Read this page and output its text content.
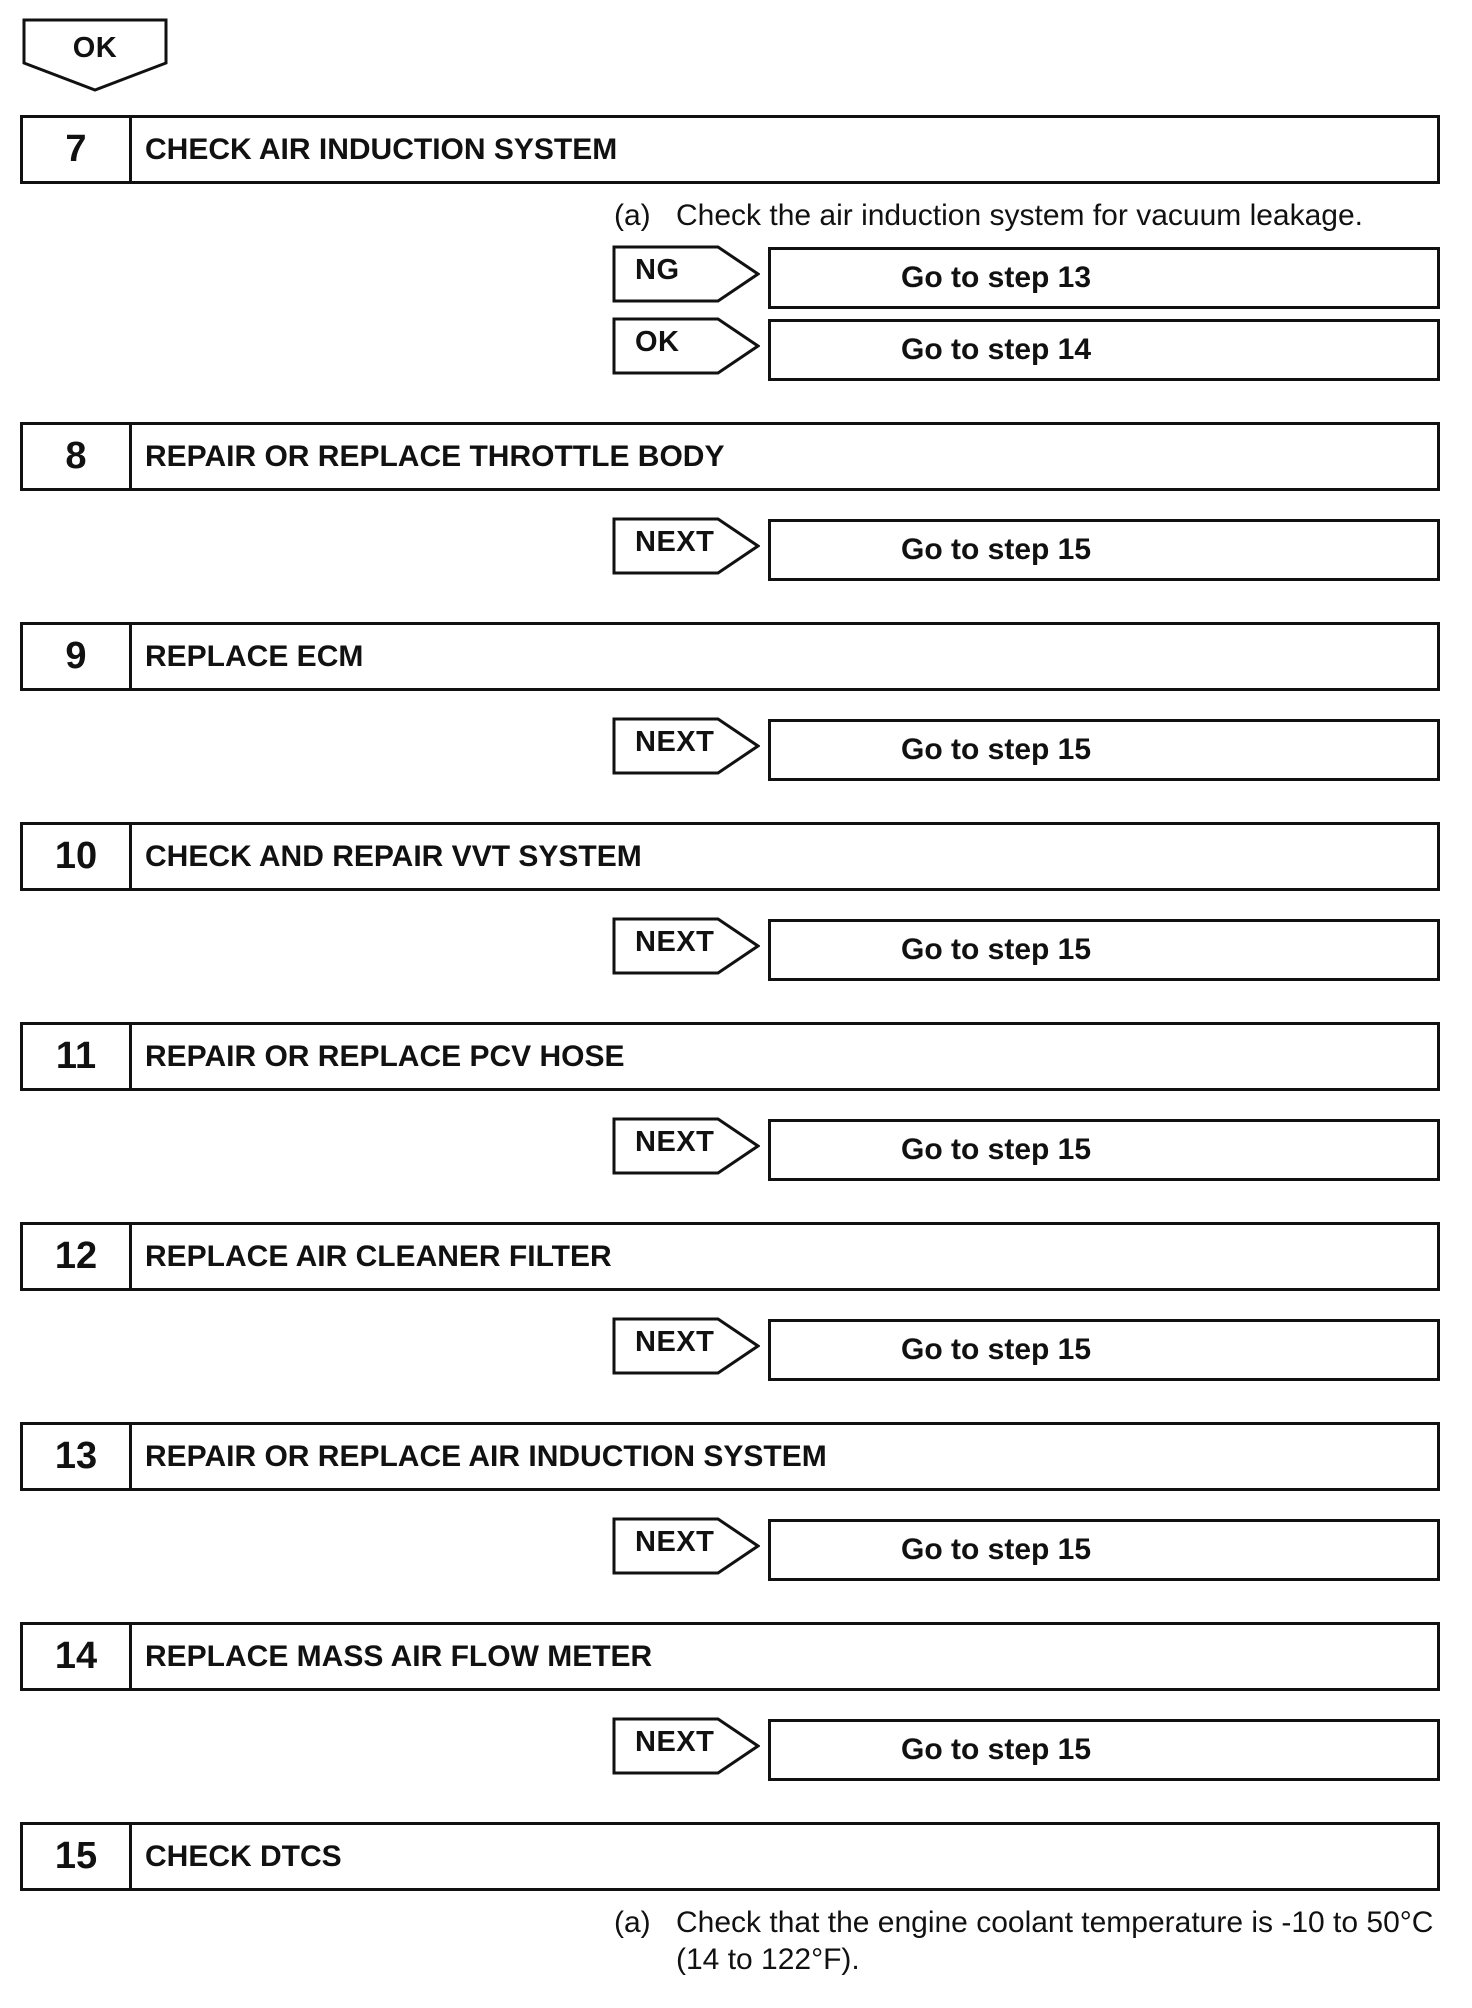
OK
7	CHECK AIR INDUCTION SYSTEM
(a) Check the air induction system for vacuum leakage.
NG	Go to step 13
OK	Go to step 14
8	REPAIR OR REPLACE THROTTLE BODY
NEXT	Go to step 15
9	REPLACE ECM
NEXT	Go to step 15
10	CHECK AND REPAIR VVT SYSTEM
NEXT	Go to step 15
11	REPAIR OR REPLACE PCV HOSE
NEXT	Go to step 15
12	REPLACE AIR CLEANER FILTER
NEXT	Go to step 15
13	REPAIR OR REPLACE AIR INDUCTION SYSTEM
NEXT	Go to step 15
14	REPLACE MASS AIR FLOW METER
NEXT	Go to step 15
15	CHECK DTCS
(a) Check that the engine coolant temperature is -10 to 50°C
(14 to 122°F).
